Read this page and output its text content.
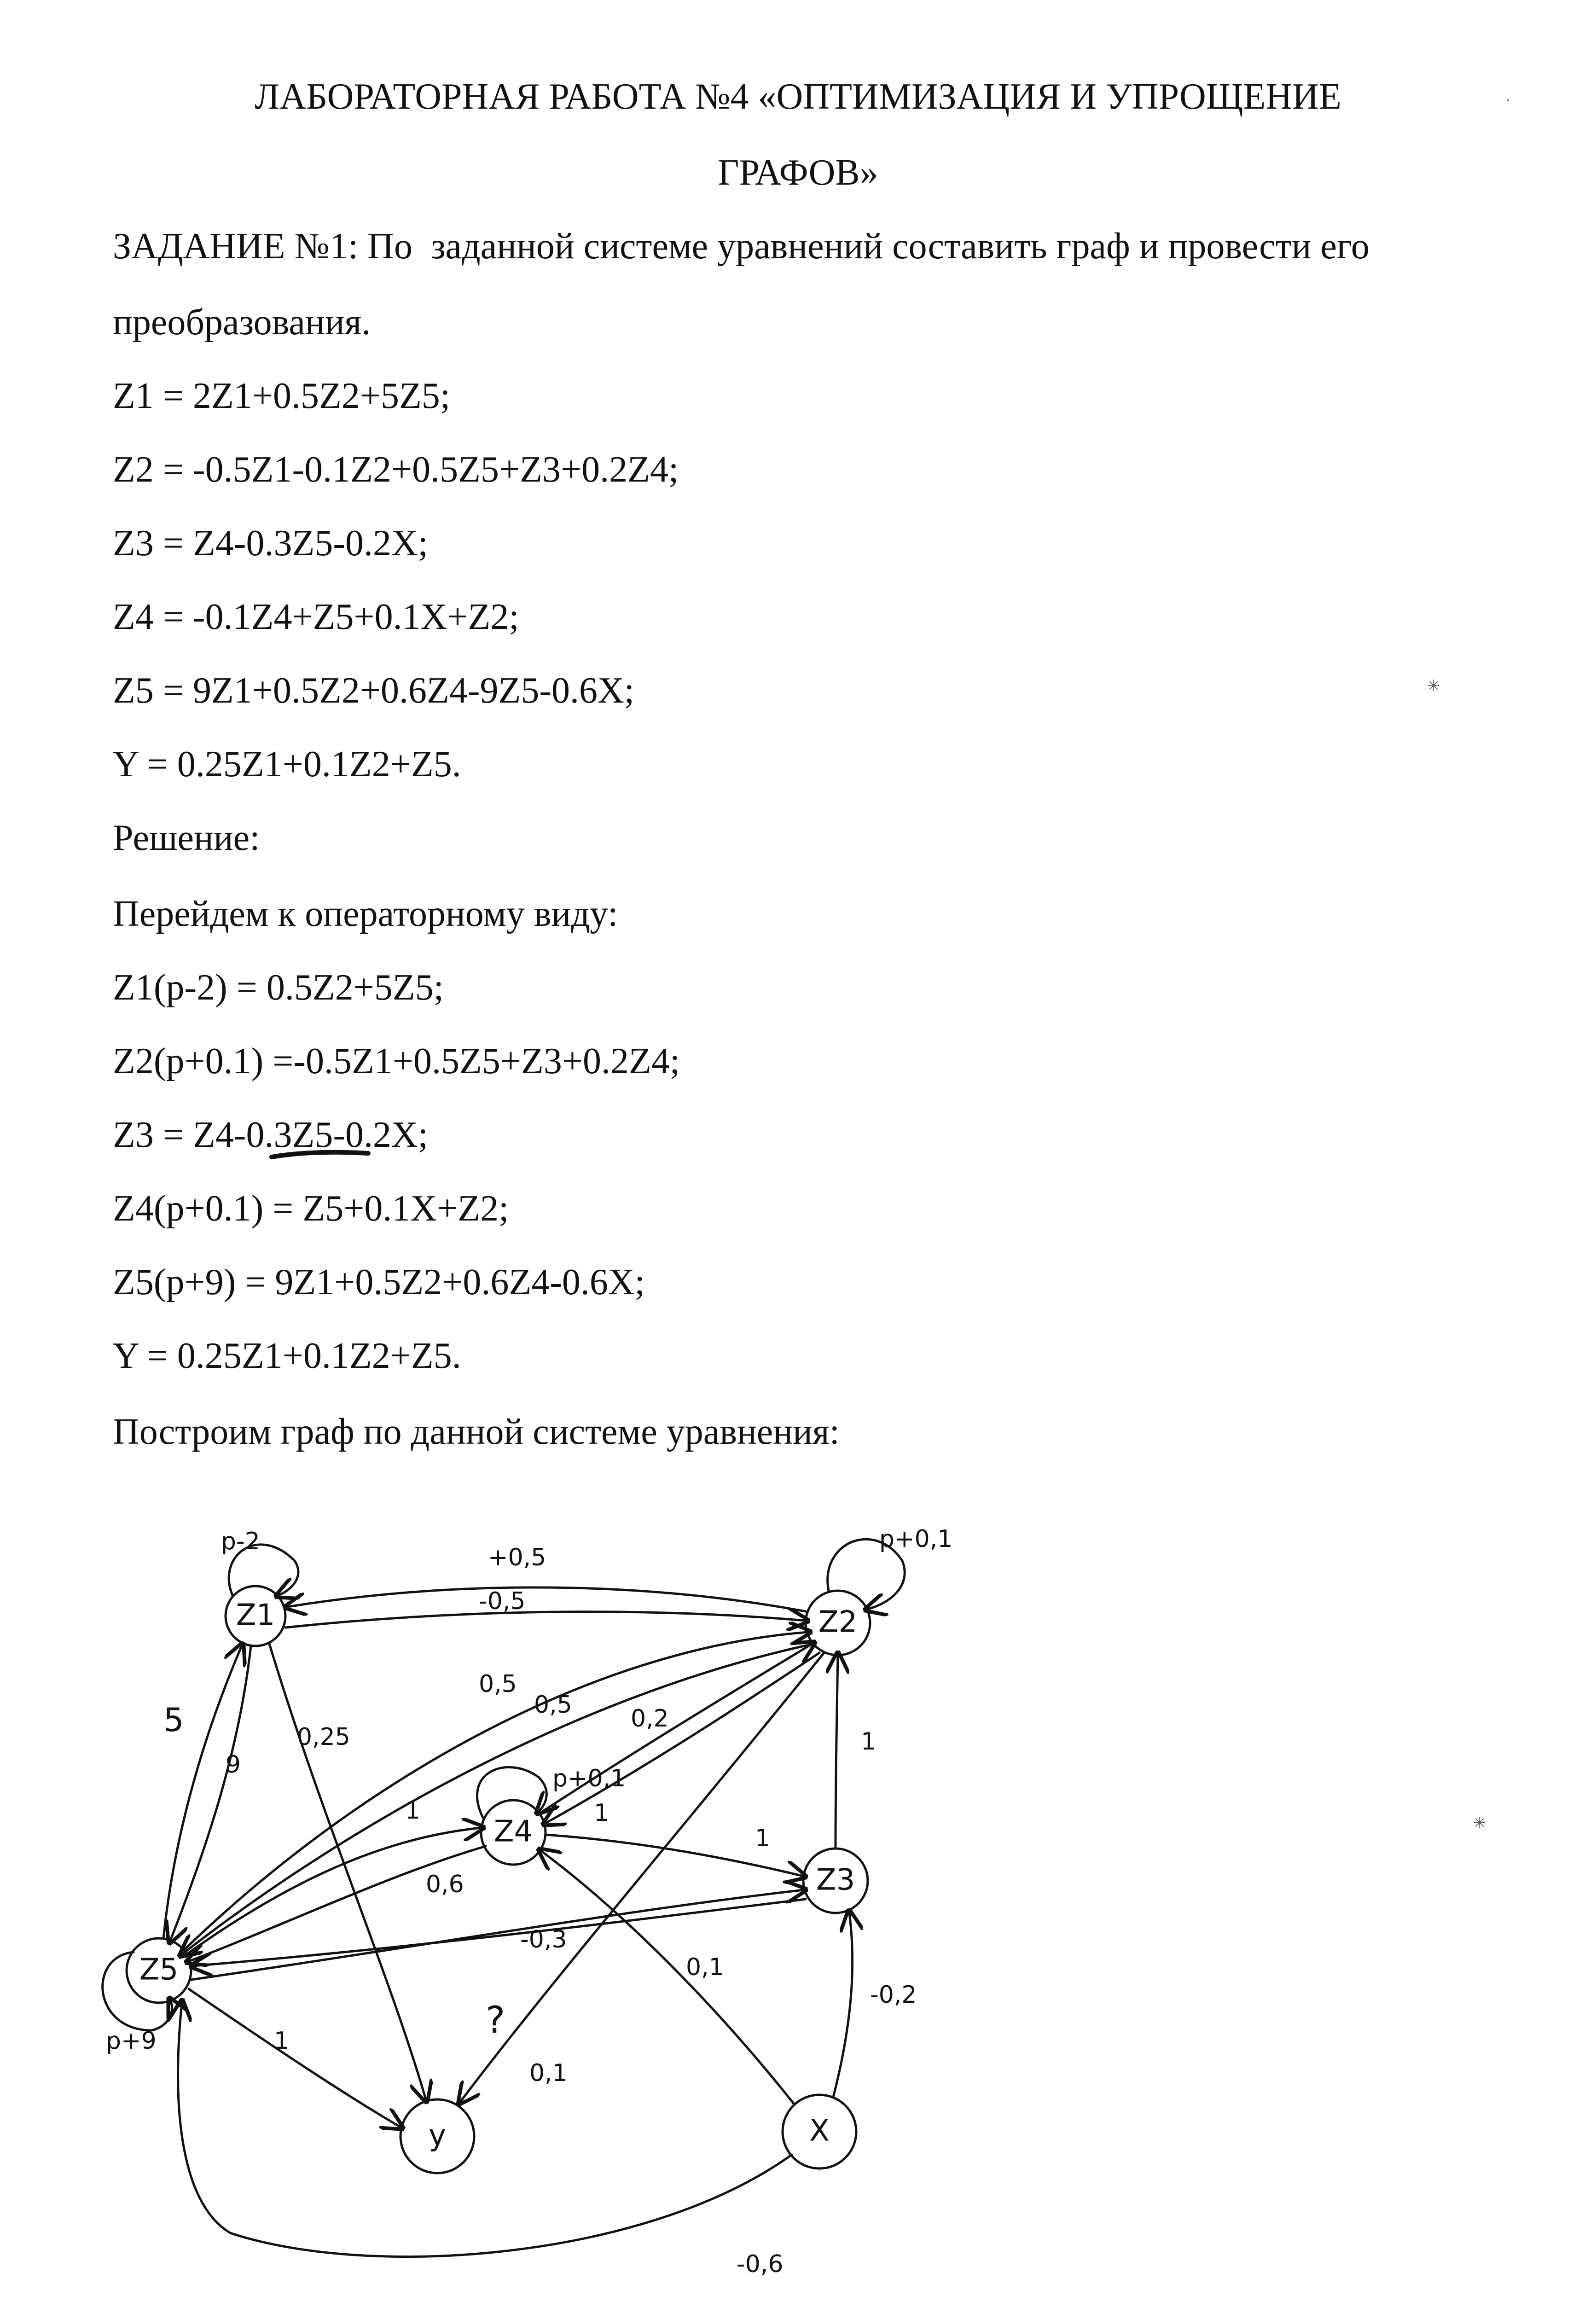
ЛАБОРАТОРНАЯ РАБОТА №4 «ОПТИМИЗАЦИЯ И УПРОЩЕНИЕ
ГРАФОВ»
ЗАДАНИЕ №1: По  заданной системе уравнений составить граф и провести его
преобразования.
Z1 = 2Z1+0.5Z2+5Z5;
Z2 = -0.5Z1-0.1Z2+0.5Z5+Z3+0.2Z4;
Z3 = Z4-0.3Z5-0.2X;
Z4 = -0.1Z4+Z5+0.1X+Z2;
Z5 = 9Z1+0.5Z2+0.6Z4-9Z5-0.6X;
Y = 0.25Z1+0.1Z2+Z5.
Решение:
Перейдем к операторному виду:
Z1(p-2) = 0.5Z2+5Z5;
Z2(p+0.1) =-0.5Z1+0.5Z5+Z3+0.2Z4;
Z3 = Z4-0.3Z5-0.2X;
Z4(p+0.1) = Z5+0.1X+Z2;
Z5(p+9) = 9Z1+0.5Z2+0.6Z4-0.6X;
Y = 0.25Z1+0.1Z2+Z5.
Построим граф по данной системе уравнения:
Z1	Z2
Z4
Z3
Z5
y	X
p-2	p+0,1
p+0,1
p+9
+0,5
-0,5
0,5
0,5 0,2
1
5
9
0,25
1
0,6
1
1
-0,3
0,1
-0,2
0,1
1
-0,6
?
✳
✳
·
